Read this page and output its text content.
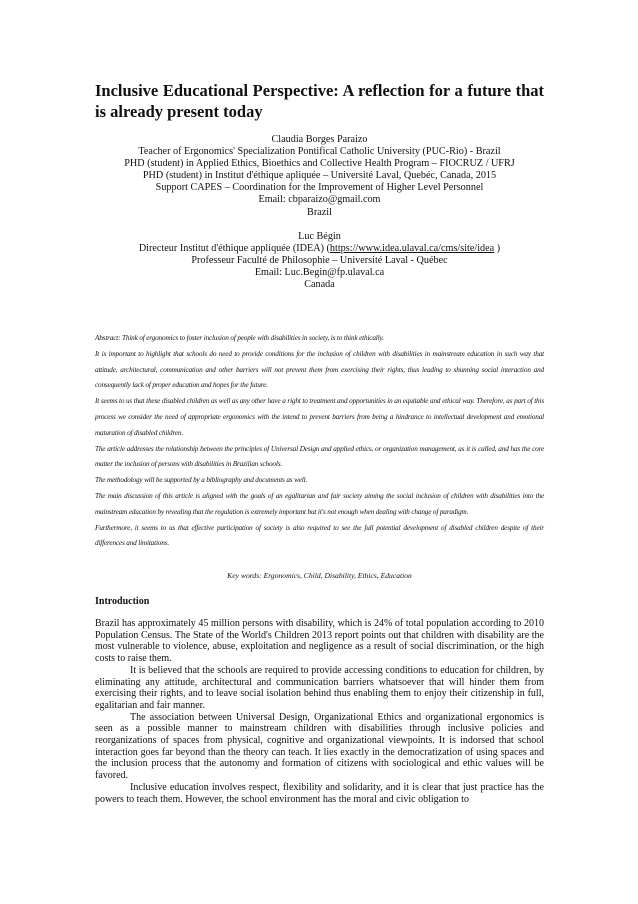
Inclusive Educational Perspective: A reflection for a future that is already present today
Claudia Borges Paraizo
Teacher of Ergonomics' Specialization Pontifical Catholic University (PUC-Rio) - Brazil
PHD (student) in Applied Ethics, Bioethics and Collective Health Program – FIOCRUZ / UFRJ
PHD (student) in Institut d'éthique apliquée – Université Laval, Quebéc, Canada, 2015
Support CAPES – Coordination for the Improvement of Higher Level Personnel
Email: cbparaizo@gmail.com
Brazil
Luc Bégin
Directeur Institut d'éthique appliquée (IDEA) (https://www.idea.ulaval.ca/cms/site/idea )
Professeur Faculté de Philosophie – Université Laval - Québec
Email: Luc.Begin@fp.ulaval.ca
Canada

Abstract: Think of ergonomics to foster inclusion of people with disabilities in society, is to think ethically.

It is important to highlight that schools do need to provide conditions for the inclusion of children with disabilities in mainstream education in such way that attitude, architectural, communication and other barriers will not prevent them from exercising their rights, thus leading to shunning social interaction and consequently lack of proper education and hopes for the future.

It seems to us that these disabled children as well as any other have a right to treatment and opportunities in an equitable and ethical way. Therefore, as part of this process we consider the need of appropriate ergonomics with the intend to prevent barriers from being a hindrance to intellectual development and emotional maturation of disabled children.

The article addresses the relationship between the principles of Universal Design and applied ethics, or organization management, as it is called, and has the core matter the inclusion of persons with disabilities in Brazilian schools.

The methodology will be supported by a bibliography and documents as well.

The main discussion of this article is aligned with the goals of an egalitarian and fair society aiming the social inclusion of children with disabilities into the mainstream education by revealing that the regulation is extremely important but it's not enough when dealing with change of paradigm.

Furthermore, it seems to us that effective participation of society is also required to see the full potential development of disabled children despite of their differences and limitations.

Key words: Ergonomics, Child, Disability, Ethics, Education
Introduction

Brazil has approximately 45 million persons with disability, which is 24% of total population according to 2010 Population Census. The State of the World's Children 2013 report points out that children with disability are the most vulnerable to violence, abuse, exploitation and negligence as a result of social discrimination, or the high costs to raise them.

It is believed that the schools are required to provide accessing conditions to education for children, by eliminating any attitude, architectural and communication barriers whatsoever that will hinder them from exercising their rights, and to leave social isolation behind thus enabling them to enjoy their citizenship in full, egalitarian and fair manner.

The association between Universal Design, Organizational Ethics and organizational ergonomics is seen as a possible manner to mainstream children with disabilities through inclusive policies and reorganizations of spaces from physical, cognitive and organizational viewpoints. It is indorsed that school interaction goes far beyond than the theory can teach. It lies exactly in the democratization of using spaces and the inclusion process that the autonomy and formation of citizens with sociological and ethic values will be favored.

Inclusive education involves respect, flexibility and solidarity, and it is clear that just practice has the powers to teach them. However, the school environment has the moral and civic obligation to
